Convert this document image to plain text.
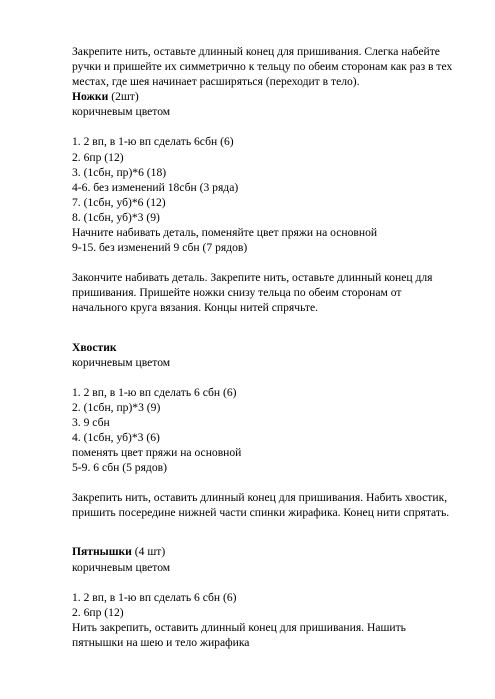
Закрепите нить, оставьте длинный конец для пришивания. Слегка набейте
ручки и пришейте их симметрично к тельцу по обеим сторонам как раз в тех
местах, где шея начинает расширяться (переходит в тело).
Ножки (2шт)
коричневым цветом
1. 2 вп, в 1-ю вп сделать 6сбн (6)
2. 6пр (12)
3. (1сбн, пр)*6 (18)
4-6. без изменений 18сбн (3 ряда)
7. (1сбн, уб)*6 (12)
8. (1сбн, уб)*3 (9)
Начните набивать деталь, поменяйте цвет пряжи на основной
9-15. без изменений 9 сбн (7 рядов)
Закончите набивать деталь. Закрепите нить, оставьте длинный конец для
пришивания. Пришейте ножки снизу тельца по обеим сторонам от
начального круга вязания. Концы нитей спрячьте.
Хвостик
коричневым цветом
1. 2 вп, в 1-ю вп сделать 6 сбн (6)
2. (1сбн, пр)*3 (9)
3. 9 сбн
4. (1сбн, уб)*3 (6)
поменять цвет пряжи на основной
5-9. 6 сбн (5 рядов)
Закрепить нить, оставить длинный конец для пришивания. Набить хвостик,
пришить посередине нижней части спинки жирафика. Конец нити спрятать.
Пятнышки (4 шт)
коричневым цветом
1. 2 вп, в 1-ю вп сделать 6 сбн (6)
2. 6пр (12)
Нить закрепить, оставить длинный конец для пришивания. Нашить
пятнышки на шею и тело жирафика
